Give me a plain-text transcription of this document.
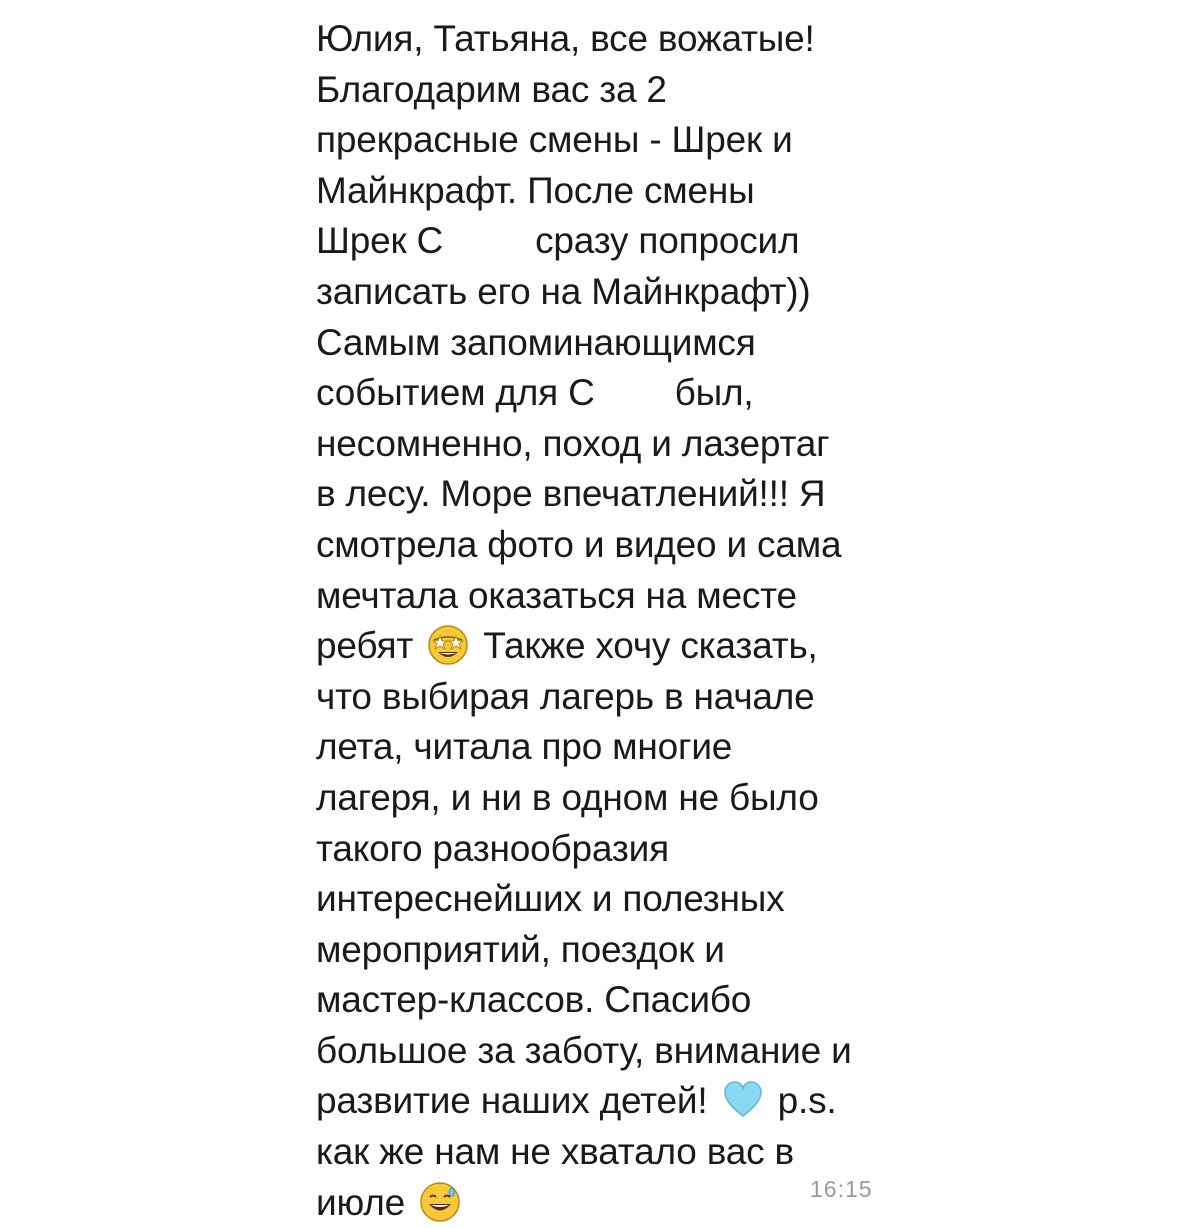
Юлия, Татьяна, все вожатые!
Благодарим вас за 2
прекрасные смены - Шрек и
Майнкрафт. После смены
Шрек С сразу попросил
записать его на Майнкрафт))
Самым запоминающимся
событием для С был,
несомненно, поход и лазертаг
в лесу. Море впечатлений!!! Я
смотрела фото и видео и сама
мечтала оказаться на месте
ребят Также хочу сказать,
что выбирая лагерь в начале
лета, читала про многие
лагеря, и ни в одном не было
такого разнообразия
интереснейших и полезных
мероприятий, поездок и
мастер-классов. Спасибо
большое за заботу, внимание и
развитие наших детей! p.s.
как же нам не хватало вас в
июле	16:15
